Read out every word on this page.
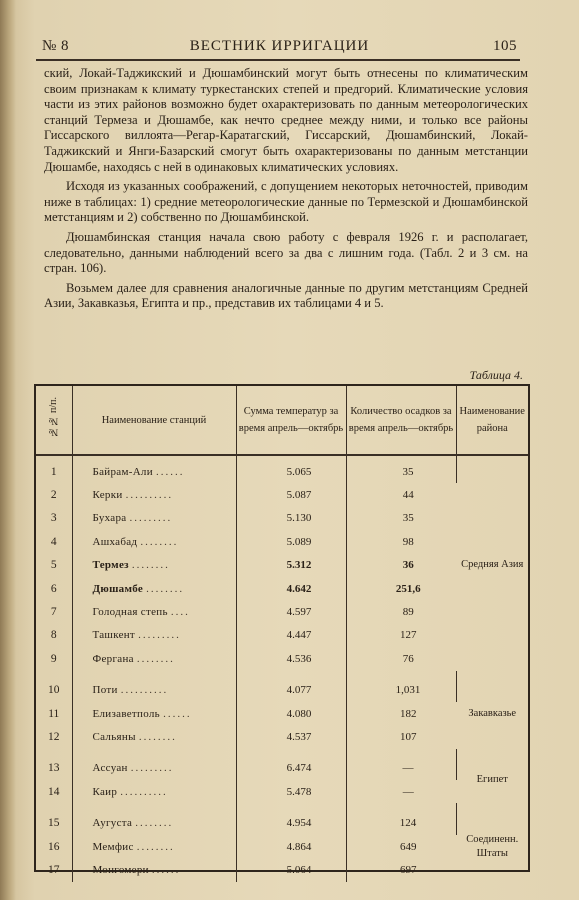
№ 8	ВЕСТНИК ИРРИГАЦИИ	105

ский, Локай-Таджикский и Дюшамбинский могут быть отнесены по климатическим своим признакам к климату туркестанских степей и предгорий. Климатические условия части из этих районов возможно будет охарактеризовать по данным метеорологических станций Термеза и Дюшамбе, как нечто среднее между ними, и только все районы Гиссарского виллоята—Регар-Каратагский, Гиссарский, Дюшамбинский, Локай-Таджикский и Янги-Базарский смогут быть охарактеризованы по данным метстанции Дюшамбе, находясь с ней в одинаковых климатических условиях.

Исходя из указанных соображений, с допущением некоторых неточностей, приводим ниже в таблицах: 1) средние метеорологические данные по Термезской и Дюшамбинской метстанциям и 2) собственно по Дюшамбинской.

Дюшамбинская станция начала свою работу с февраля 1926 г. и располагает, следовательно, данными наблюдений всего за два с лишним года. (Табл. 2 и 3 см. на стран. 106).

Возьмем далее для сравнения аналогичные данные по другим метстанциям Средней Азии, Закавказья, Египта и пр., представив их таблицами 4 и 5.

Таблица 4.
№№ п/п.	Наименование станций	Сумма температур за время апрель—октябрь	Количество осадков за время апрель—октябрь	Наименование района
1	Байрам-Али ......	5.065	35	Средняя Азия
2	Керки ..........	5.087	44	
3	Бухара .........	5.130	35	
4	Ашхабад ........	5.089	98	
5	Термез ........	5.312	36	
6	Дюшамбе ........	4.642	251,6	
7	Голодная степь ....	4.597	89	
8	Ташкент .........	4.447	127	
9	Фергана ........	4.536	76	

10	Поти ..........	4.077	1,031	Закавказье
11	Елизаветполь ......	4.080	182	
12	Сальяны ........	4.537	107	

13	Ассуан .........	6.474	—	Египет
14	Каир ..........	5.478	—	

15	Аугуста ........	4.954	124	Соединенн. Штаты
16	Мемфис ........	4.864	649	
17	Монгомери ......	5.064	697	
